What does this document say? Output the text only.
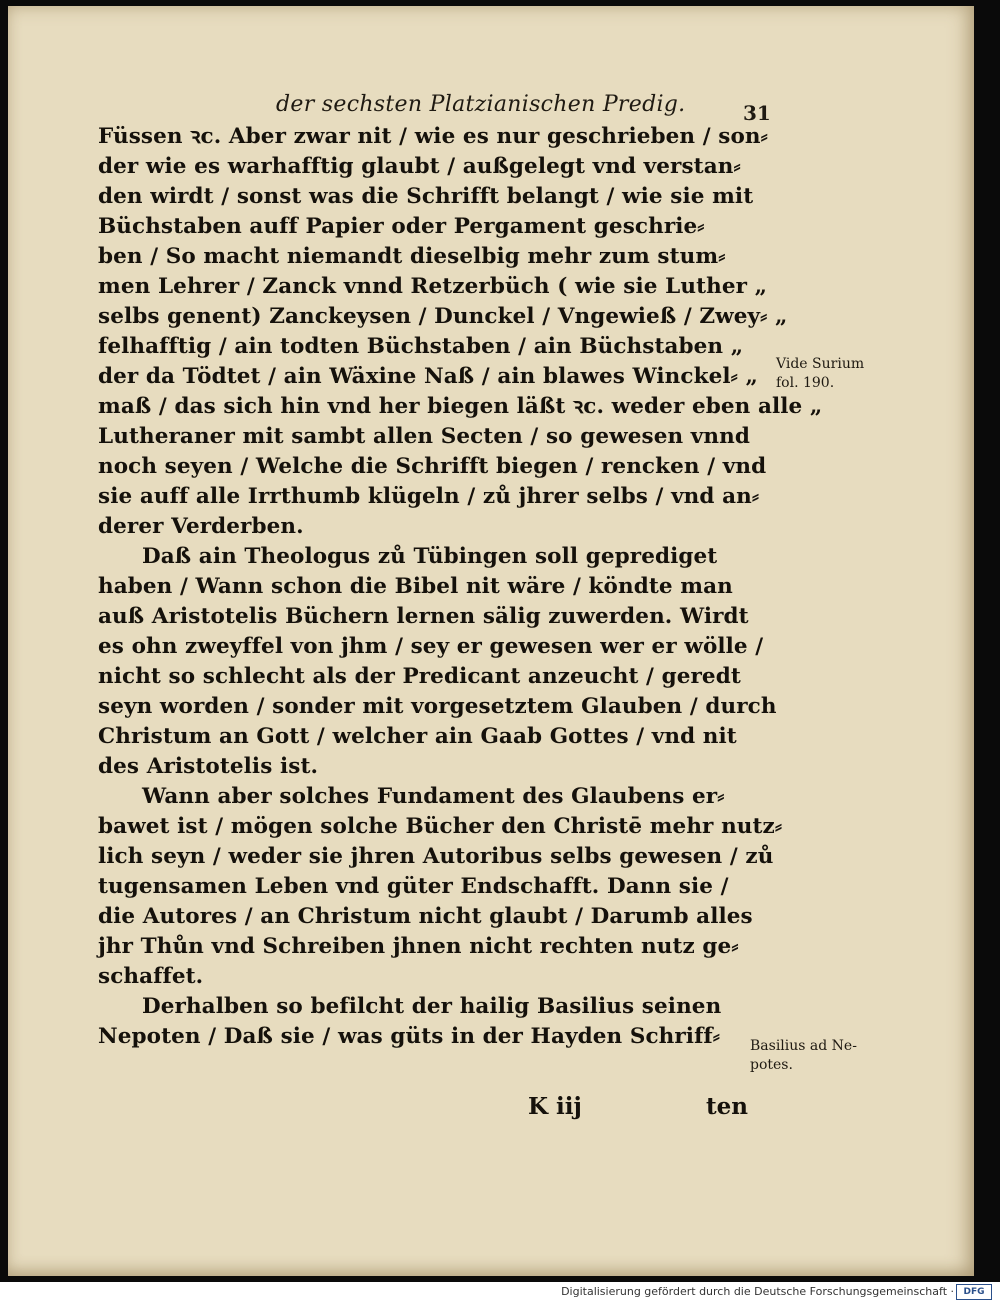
der sechsten Platzianischen Predig.	31
Füssen ꝛc. Aber zwar nit / wie es nur geschrieben / son⸗
der wie es warhafftig glaubt / außgelegt vnd verstan⸗
den wirdt / sonst was die Schrifft belangt / wie sie mit
Büchstaben auff Papier oder Pergament geschrie⸗
ben / So macht niemandt dieselbig mehr zum stum⸗
men Lehrer / Zanck vnnd Retzerbüch ( wie sie Luther „
selbs genent) Zanckeysen / Dunckel / Vngewieß / Zwey⸗ „
felhafftig / ain todten Büchstaben / ain Büchstaben „
der da Tödtet / ain Wäxine Naß / ain blawes Winckel⸗ „
maß / das sich hin vnd her biegen läßt ꝛc. weder eben alle „
Lutheraner mit sambt allen Secten / so gewesen vnnd
noch seyen / Welche die Schrifft biegen / rencken / vnd
sie auff alle Irrthumb klügeln / zů jhrer selbs / vnd an⸗
derer Verderben.
Daß ain Theologus zů Tübingen soll geprediget
haben / Wann schon die Bibel nit wäre / köndte man
auß Aristotelis Büchern lernen sälig zuwerden. Wirdt
es ohn zweyffel von jhm / sey er gewesen wer er wölle /
nicht so schlecht als der Predicant anzeucht / geredt
seyn worden / sonder mit vorgesetztem Glauben / durch
Christum an Gott / welcher ain Gaab Gottes / vnd nit
des Aristotelis ist.
Wann aber solches Fundament des Glaubens er⸗
bawet ist / mögen solche Bücher den Christē mehr nutz⸗
lich seyn / weder sie jhren Autoribus selbs gewesen / zů
tugensamen Leben vnd güter Endschafft. Dann sie /
die Autores / an Christum nicht glaubt / Darumb alles
jhr Thůn vnd Schreiben jhnen nicht rechten nutz ge⸗
schaffet.
Derhalben so befilcht der hailig Basilius seinen
Nepoten / Daß sie / was güts in der Hayden Schriff⸗
Vide Surium
fol. 190.
Basilius ad Ne-
potes.
K iij	ten
Digitalisierung gefördert durch die Deutsche Forschungsgemeinschaft ·	DFG
